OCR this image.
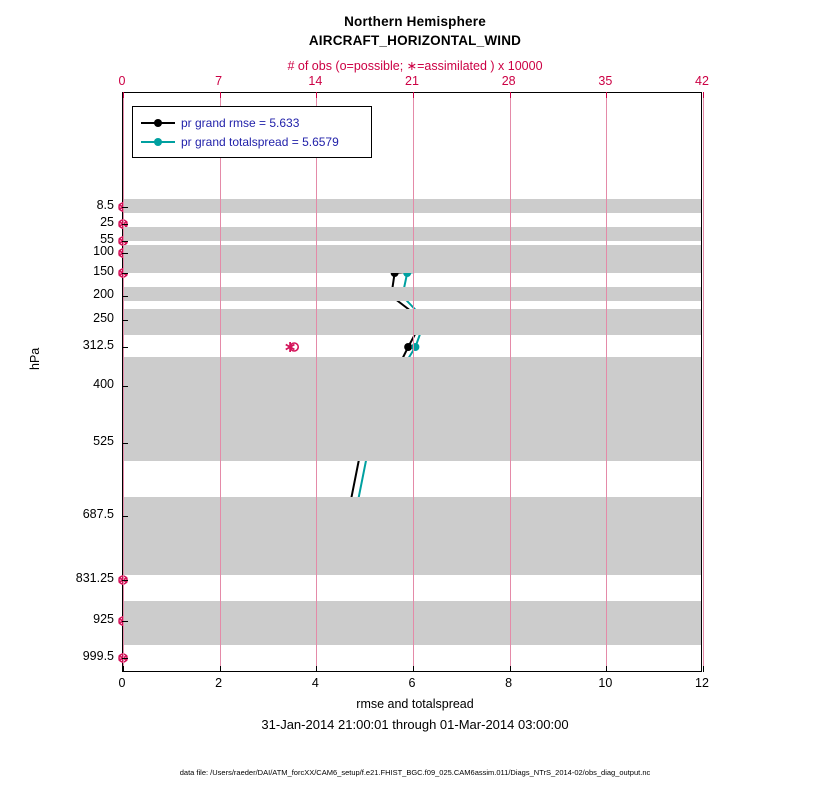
Northern Hemisphere
AIRCRAFT_HORIZONTAL_WIND
# of obs (o=possible; ∗=assimilated ) x 10000
pr grand rmse = 5.633
pr grand totalspread = 5.6579
hPa
rmse and totalspread
31-Jan-2014 21:00:01 through 01-Mar-2014 03:00:00
data file: /Users/raeder/DAI/ATM_forcXX/CAM6_setup/f.e21.FHIST_BGC.f09_025.CAM6assim.011/Diags_NTrS_2014-02/obs_diag_output.nc
0	2	4	6	8	10	12
0	7	14	21	28	35	42
8.5
25
55
100
150
200
250
312.5
400
525
687.5
831.25
925
999.5
